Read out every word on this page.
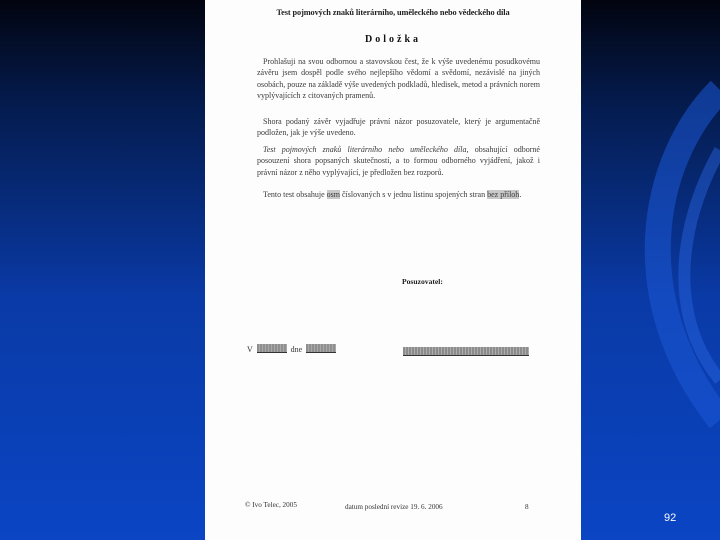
Test pojmových znaků literárního, uměleckého nebo vědeckého díla
Doložka

Prohlašuji na svou odbornou a stavovskou čest, že k výše uvedenému posudkovému závěru jsem dospěl podle svého nejlepšího vědomí a svědomí, nezávislé na jiných osobách, pouze na základě výše uvedených podkladů, hledisek, metod a právních norem vyplývajících z citovaných pramenů.

Shora podaný závěr vyjadřuje právní názor posuzovatele, který je argumentačně podložen, jak je výše uvedeno.

Test pojmových znaků literárního nebo uměleckého díla, obsahující odborné posouzení shora popsaných skutečností, a to formou odborného vyjádření, jakož i právní názor z něho vyplývající, je předložen bez rozporů.

Tento test obsahuje osm číslovaných s v jednu listinu spojených stran bez příloh.

Posuzovatel:
V	dne
© Ivo Telec, 2005	datum poslední revize 19. 6. 2006	8
92
